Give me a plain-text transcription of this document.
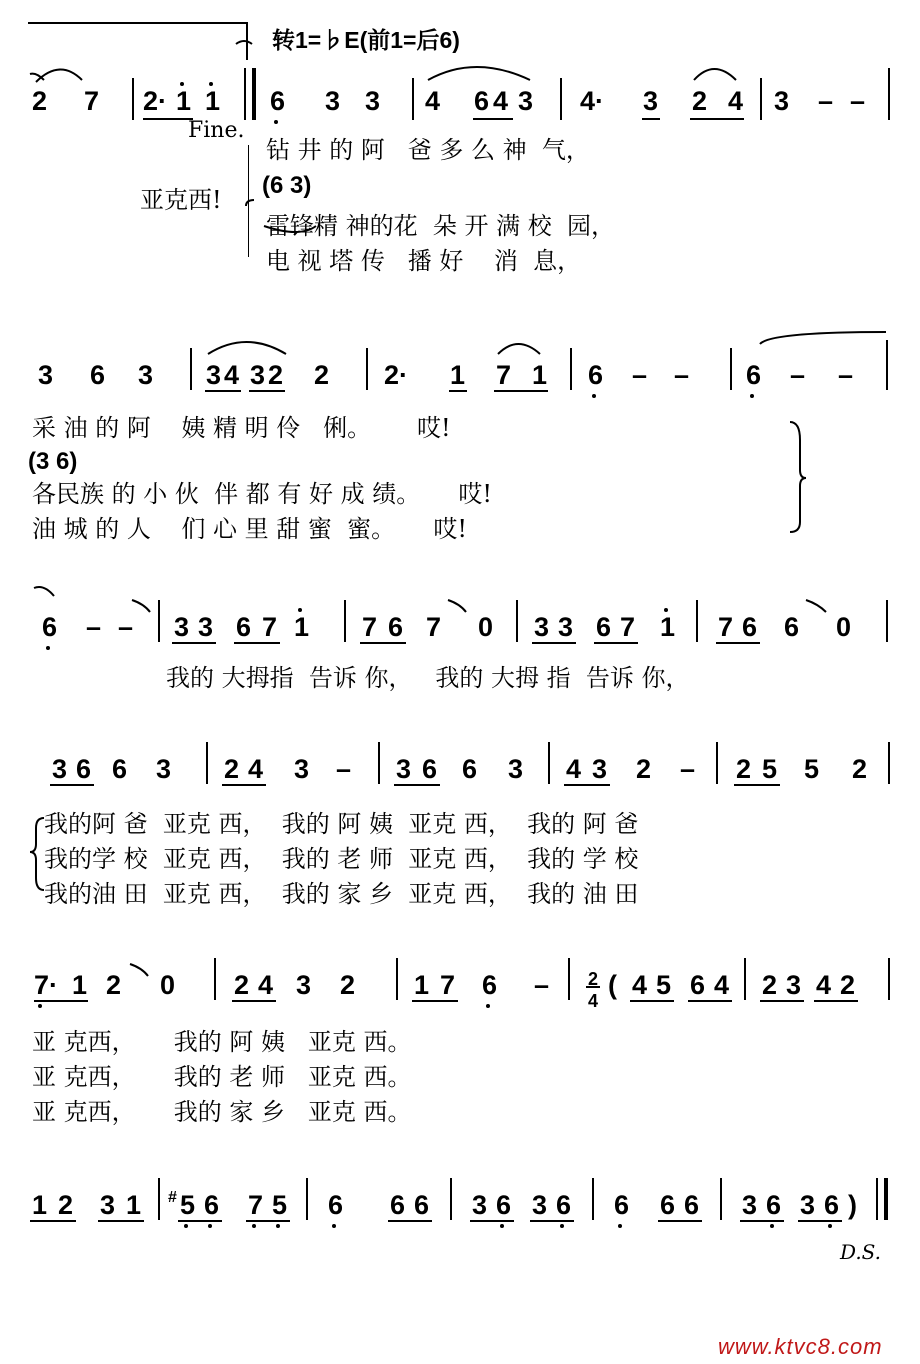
转1=♭E(前1=后6)
2 7 2· 1 1 6 3 3 4 6 4 3 4· 3 2 4 3 – –
Fine.
亚克西!
钻 井 的 阿   爸 多 么 神  气，
(6 3)
雷锋精 神的花  朵 开 满 校  园，
电 视 塔 传   播 好    消  息，
3 6 3 3 4 3 2 2 2· 1 7 1 6 – – 6 – –
采 油 的 阿    姨 精 明 伶   俐。      哎!
(3 6)
各民族 的 小 伙  伴 都 有 好 成 绩。     哎!
油 城 的 人    们 心 里 甜 蜜  蜜。     哎!
6 – – 3 3 6 7 1 7 6 7 0 3 3 6 7 1 7 6 6 0
我的 大拇指  告诉 你，   我的 大拇 指  告诉 你，
3 6 6 3 2 4 3 – 3 6 6 3 4 3 2 – 2 5 5 2
我的阿 爸  亚克 西，  我的 阿 姨  亚克 西，  我的 阿 爸
我的学 校  亚克 西，  我的 老 师  亚克 西，  我的 学 校
我的油 田  亚克 西，  我的 家 乡  亚克 西，  我的 油 田
7· 1 2 0 2 4 3 2 1 7 6 – 2
4
( 4 5 6 4 2 3 4 2
亚 克西，     我的 阿 姨   亚克 西。
亚 克西，     我的 老 师   亚克 西。
亚 克西，     我的 家 乡   亚克 西。
1 2 3 1 # 5 6 7 5 6 6 6 3 6 3 6 6 6 6 3 6 3 6 )
D.S.
www.ktvc8.com
